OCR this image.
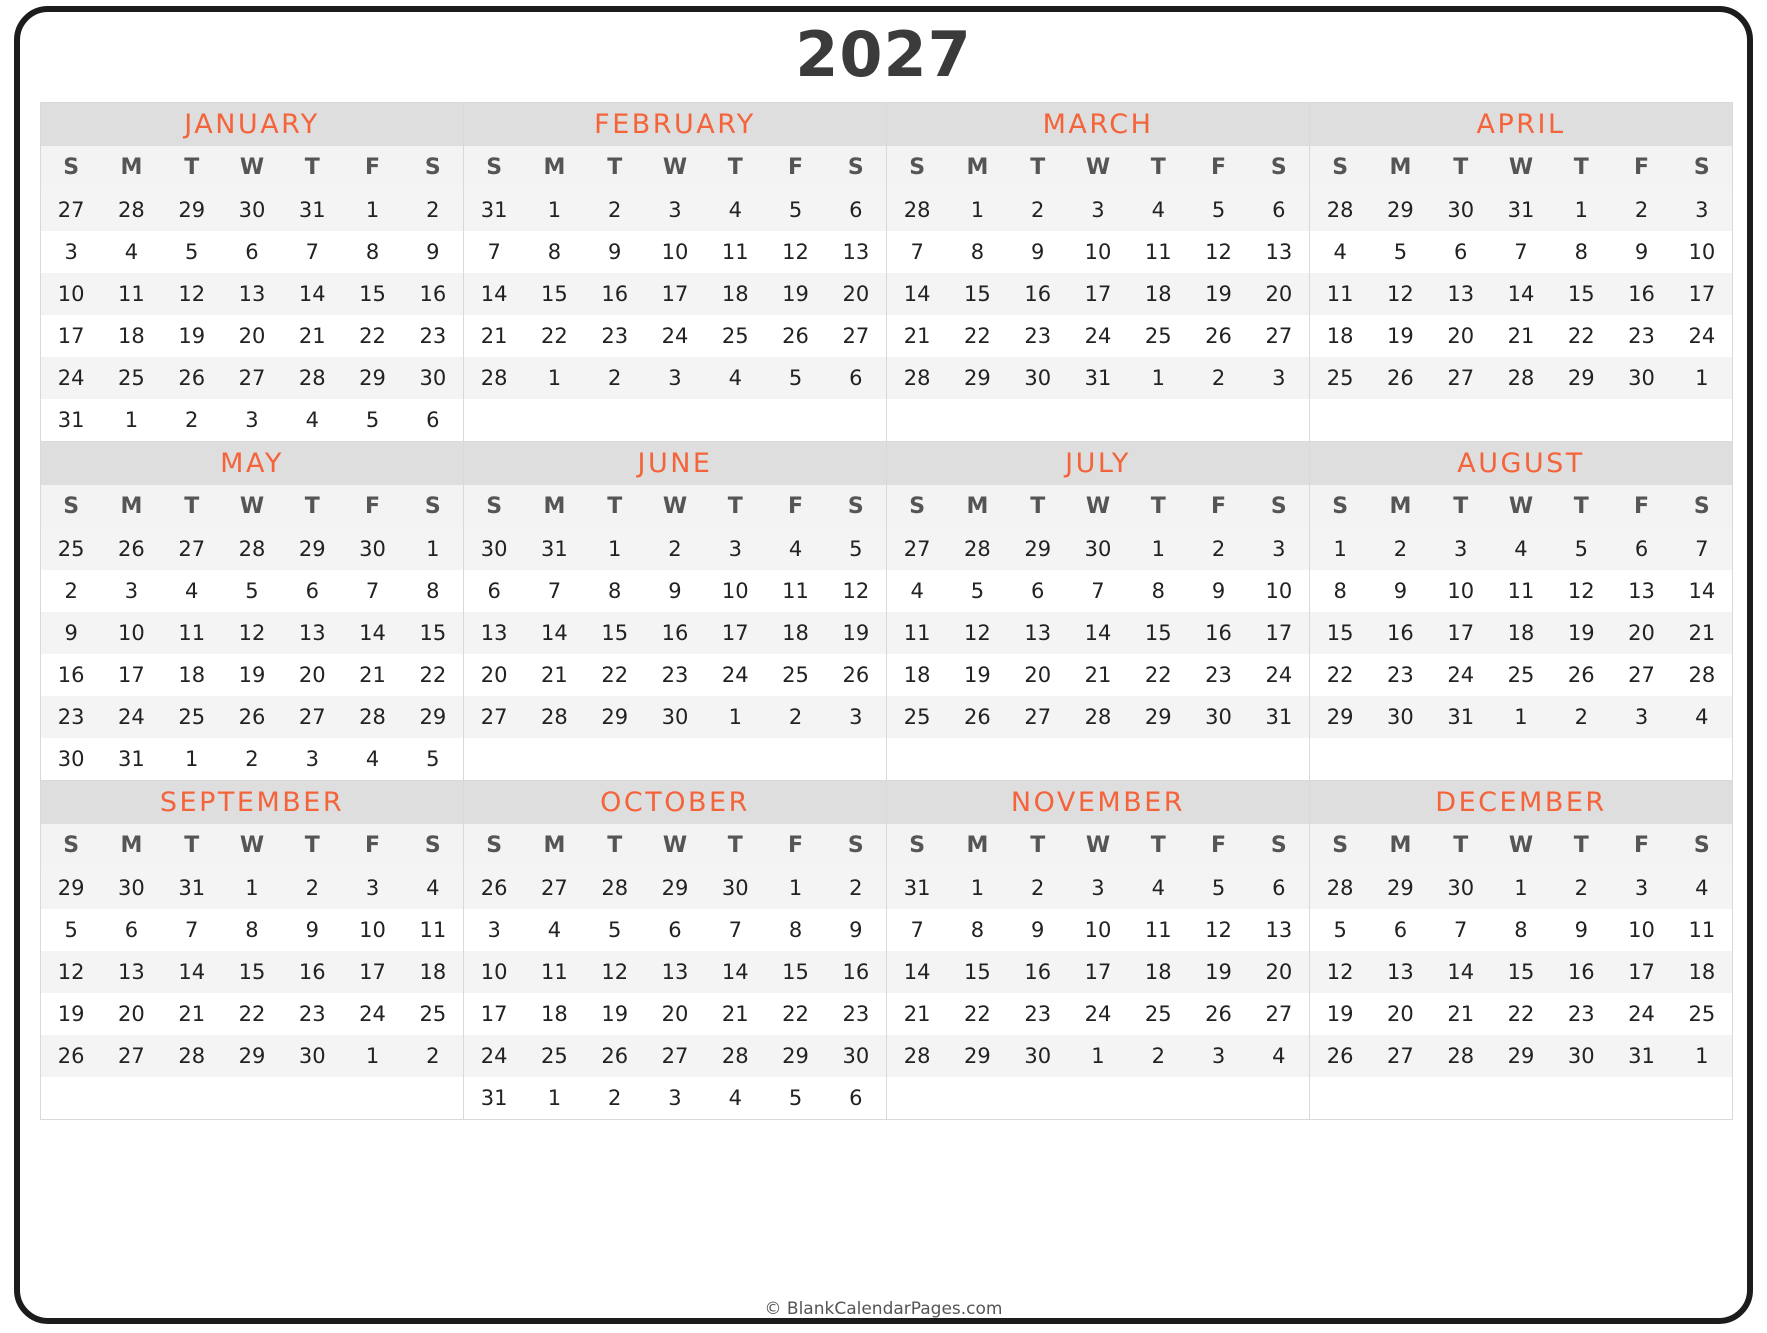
2027
JANUARY
S	M	T	W	T	F	S
27	28	29	30	31	1	2
3	4	5	6	7	8	9
10	11	12	13	14	15	16
17	18	19	20	21	22	23
24	25	26	27	28	29	30
31	1	2	3	4	5	6
FEBRUARY
S	M	T	W	T	F	S
31	1	2	3	4	5	6
7	8	9	10	11	12	13
14	15	16	17	18	19	20
21	22	23	24	25	26	27
28	1	2	3	4	5	6
MARCH
S	M	T	W	T	F	S
28	1	2	3	4	5	6
7	8	9	10	11	12	13
14	15	16	17	18	19	20
21	22	23	24	25	26	27
28	29	30	31	1	2	3
APRIL
S	M	T	W	T	F	S
28	29	30	31	1	2	3
4	5	6	7	8	9	10
11	12	13	14	15	16	17
18	19	20	21	22	23	24
25	26	27	28	29	30	1
MAY
S	M	T	W	T	F	S
25	26	27	28	29	30	1
2	3	4	5	6	7	8
9	10	11	12	13	14	15
16	17	18	19	20	21	22
23	24	25	26	27	28	29
30	31	1	2	3	4	5
JUNE
S	M	T	W	T	F	S
30	31	1	2	3	4	5
6	7	8	9	10	11	12
13	14	15	16	17	18	19
20	21	22	23	24	25	26
27	28	29	30	1	2	3
JULY
S	M	T	W	T	F	S
27	28	29	30	1	2	3
4	5	6	7	8	9	10
11	12	13	14	15	16	17
18	19	20	21	22	23	24
25	26	27	28	29	30	31
AUGUST
S	M	T	W	T	F	S
1	2	3	4	5	6	7
8	9	10	11	12	13	14
15	16	17	18	19	20	21
22	23	24	25	26	27	28
29	30	31	1	2	3	4
SEPTEMBER
S	M	T	W	T	F	S
29	30	31	1	2	3	4
5	6	7	8	9	10	11
12	13	14	15	16	17	18
19	20	21	22	23	24	25
26	27	28	29	30	1	2
OCTOBER
S	M	T	W	T	F	S
26	27	28	29	30	1	2
3	4	5	6	7	8	9
10	11	12	13	14	15	16
17	18	19	20	21	22	23
24	25	26	27	28	29	30
31	1	2	3	4	5	6
NOVEMBER
S	M	T	W	T	F	S
31	1	2	3	4	5	6
7	8	9	10	11	12	13
14	15	16	17	18	19	20
21	22	23	24	25	26	27
28	29	30	1	2	3	4
DECEMBER
S	M	T	W	T	F	S
28	29	30	1	2	3	4
5	6	7	8	9	10	11
12	13	14	15	16	17	18
19	20	21	22	23	24	25
26	27	28	29	30	31	1
© BlankCalendarPages.com
